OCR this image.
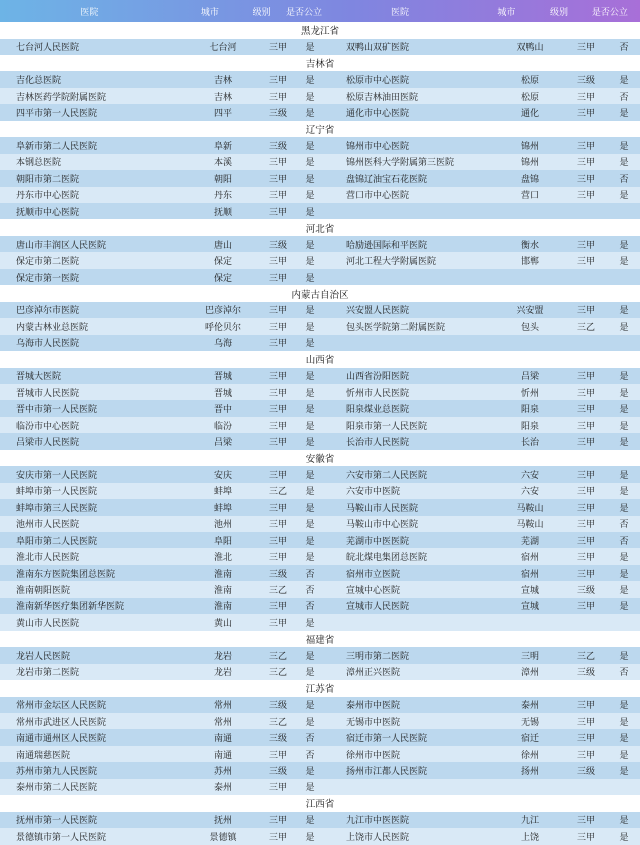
医院	城市	级别	是否公立	医院	城市	级别	是否公立
黑龙江省
七台河人民医院	七台河	三甲	是	双鸭山双矿医院	双鸭山	三甲	否
吉林省
吉化总医院	吉林	三甲	是	松原市中心医院	松原	三级	是
吉林医药学院附属医院	吉林	三甲	是	松原吉林油田医院	松原	三甲	否
四平市第一人民医院	四平	三级	是	通化市中心医院	通化	三甲	是
辽宁省
阜新市第二人民医院	阜新	三级	是	锦州市中心医院	锦州	三甲	是
本钢总医院	本溪	三甲	是	锦州医科大学附属第三医院	锦州	三甲	是
朝阳市第二医院	朝阳	三甲	是	盘锦辽油宝石花医院	盘锦	三甲	否
丹东市中心医院	丹东	三甲	是	营口市中心医院	营口	三甲	是
抚顺市中心医院	抚顺	三甲	是
河北省
唐山市丰润区人民医院	唐山	三级	是	哈励逊国际和平医院	衡水	三甲	是
保定市第二医院	保定	三甲	是	河北工程大学附属医院	邯郸	三甲	是
保定市第一医院	保定	三甲	是
内蒙古自治区
巴彦淖尔市医院	巴彦淖尔	三甲	是	兴安盟人民医院	兴安盟	三甲	是
内蒙古林业总医院	呼伦贝尔	三甲	是	包头医学院第二附属医院	包头	三乙	是
乌海市人民医院	乌海	三甲	是
山西省
晋城大医院	晋城	三甲	是	山西省汾阳医院	吕梁	三甲	是
晋城市人民医院	晋城	三甲	是	忻州市人民医院	忻州	三甲	是
晋中市第一人民医院	晋中	三甲	是	阳泉煤业总医院	阳泉	三甲	是
临汾市中心医院	临汾	三甲	是	阳泉市第一人民医院	阳泉	三甲	是
吕梁市人民医院	吕梁	三甲	是	长治市人民医院	长治	三甲	是
安徽省
安庆市第一人民医院	安庆	三甲	是	六安市第二人民医院	六安	三甲	是
蚌埠市第一人民医院	蚌埠	三乙	是	六安市中医院	六安	三甲	是
蚌埠市第三人民医院	蚌埠	三甲	是	马鞍山市人民医院	马鞍山	三甲	是
池州市人民医院	池州	三甲	是	马鞍山市中心医院	马鞍山	三甲	否
阜阳市第二人民医院	阜阳	三甲	是	芜湖市中医医院	芜湖	三甲	否
淮北市人民医院	淮北	三甲	是	皖北煤电集团总医院	宿州	三甲	是
淮南东方医院集团总医院	淮南	三级	否	宿州市立医院	宿州	三甲	是
淮南朝阳医院	淮南	三乙	否	宣城中心医院	宣城	三级	是
淮南新华医疗集团新华医院	淮南	三甲	否	宣城市人民医院	宣城	三甲	是
黄山市人民医院	黄山	三甲	是
福建省
龙岩人民医院	龙岩	三乙	是	三明市第二医院	三明	三乙	是
龙岩市第二医院	龙岩	三乙	是	漳州正兴医院	漳州	三级	否
江苏省
常州市金坛区人民医院	常州	三级	是	泰州市中医院	泰州	三甲	是
常州市武进区人民医院	常州	三乙	是	无锡市中医院	无锡	三甲	是
南通市通州区人民医院	南通	三级	否	宿迁市第一人民医院	宿迁	三甲	是
南通瑞慈医院	南通	三甲	否	徐州市中医院	徐州	三甲	是
苏州市第九人民医院	苏州	三级	是	扬州市江都人民医院	扬州	三级	是
泰州市第二人民医院	泰州	三甲	是
江西省
抚州市第一人民医院	抚州	三甲	是	九江市中医医院	九江	三甲	是
景德镇市第一人民医院	景德镇	三甲	是	上饶市人民医院	上饶	三甲	是
